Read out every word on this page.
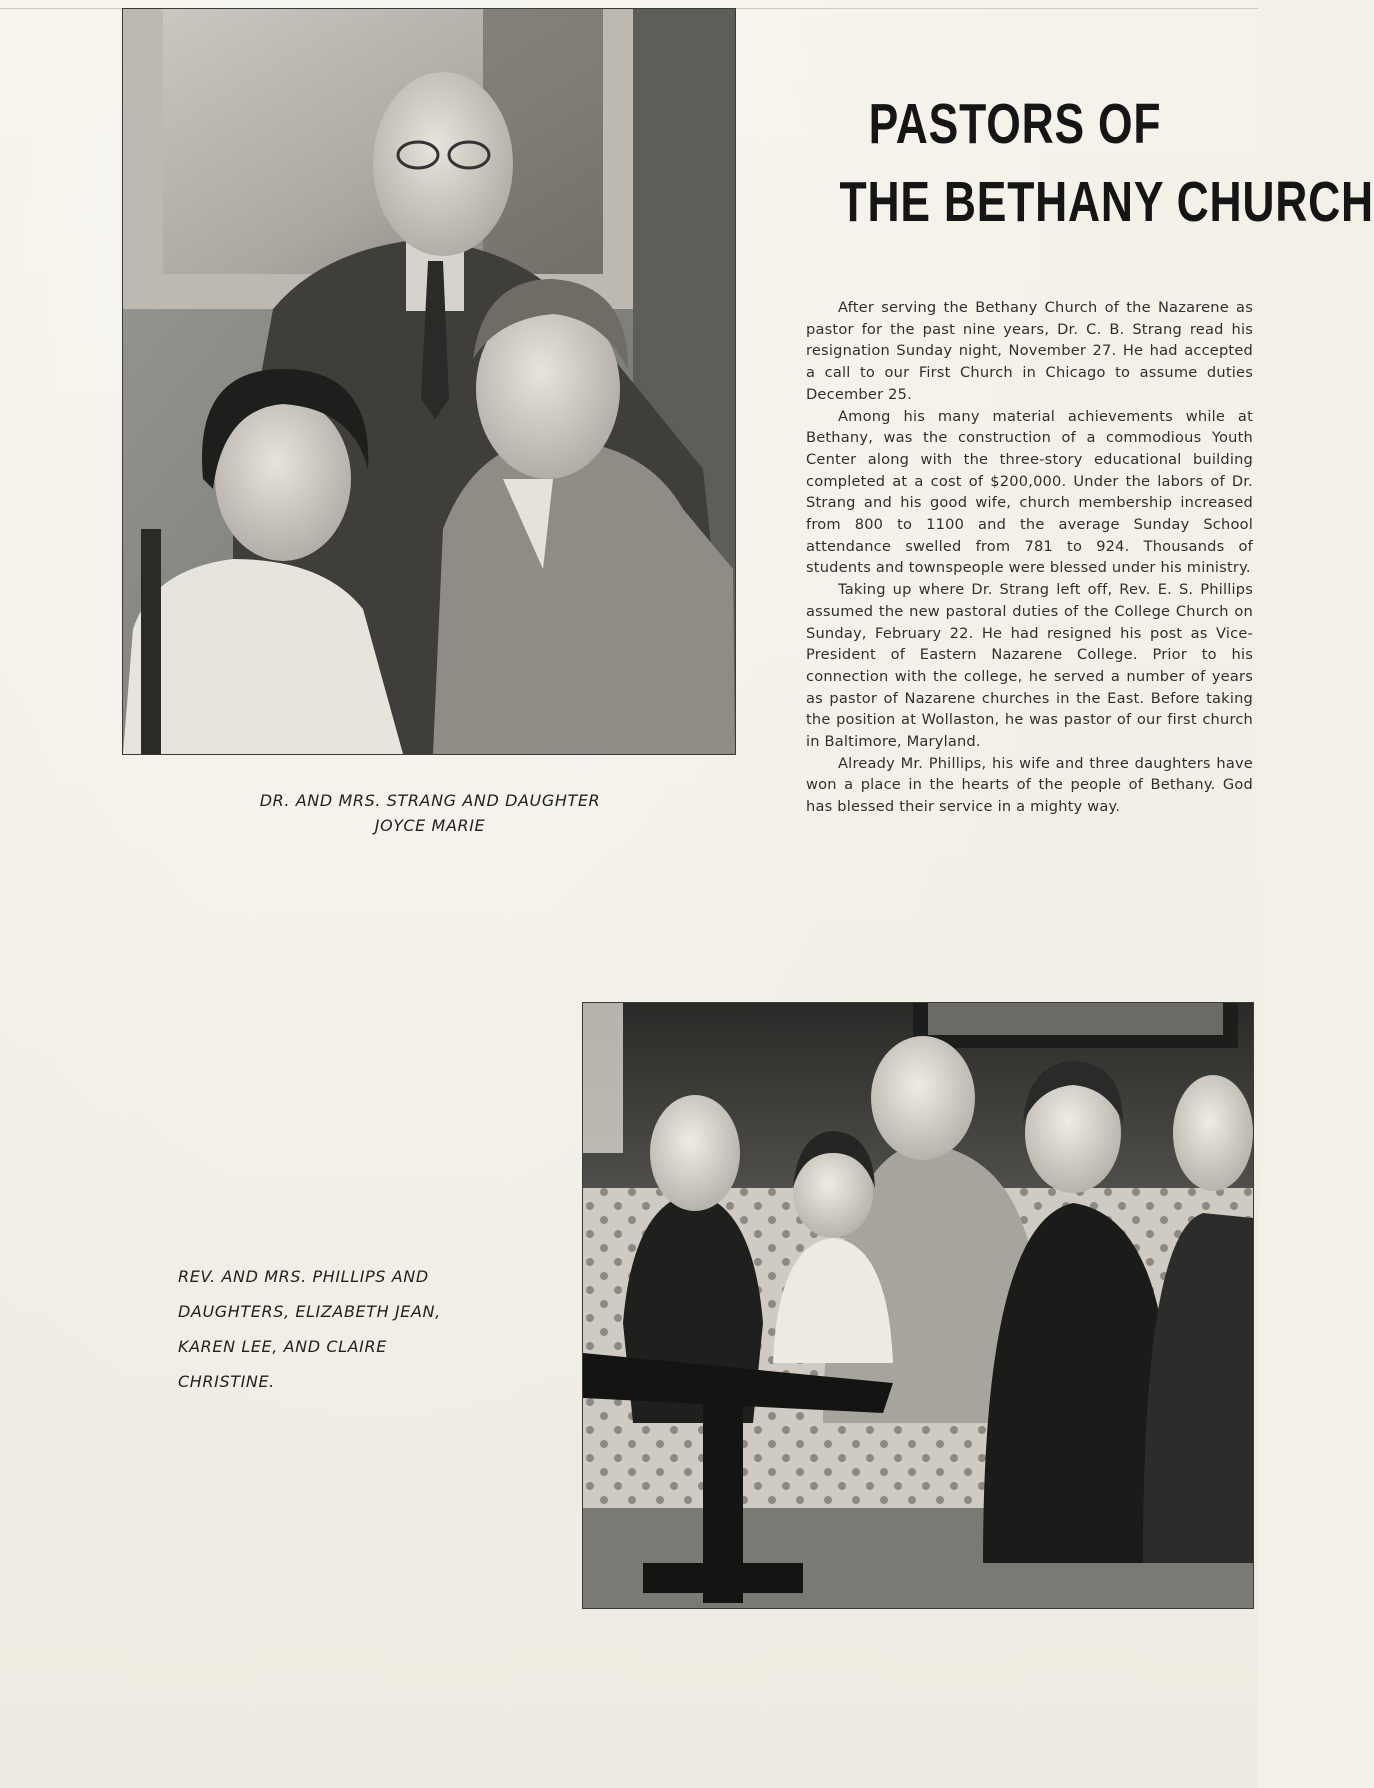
PASTORS OF
THE BETHANY CHURCH

After serving the Bethany Church of the Nazarene as pastor for the past nine years, Dr. C. B. Strang read his resignation Sunday night, November 27. He had accepted a call to our First Church in Chicago to assume duties December 25.

Among his many material achievements while at Bethany, was the construction of a commodious Youth Center along with the three-story educational building completed at a cost of $200,000. Under the labors of Dr. Strang and his good wife, church membership increased from 800 to 1100 and the average Sunday School attendance swelled from 781 to 924. Thousands of students and townspeople were blessed under his ministry.

Taking up where Dr. Strang left off, Rev. E. S. Phillips assumed the new pastoral duties of the College Church on Sunday, February 22. He had resigned his post as Vice-President of Eastern Nazarene College. Prior to his connection with the college, he served a number of years as pastor of Nazarene churches in the East. Before taking the position at Wollaston, he was pastor of our first church in Baltimore, Maryland.

Already Mr. Phillips, his wife and three daughters have won a place in the hearts of the people of Bethany. God has blessed their service in a mighty way.

DR. AND MRS. STRANG AND DAUGHTER
JOYCE MARIE
REV. AND MRS. PHILLIPS AND
DAUGHTERS, ELIZABETH JEAN,
KAREN LEE, AND CLAIRE
CHRISTINE.
